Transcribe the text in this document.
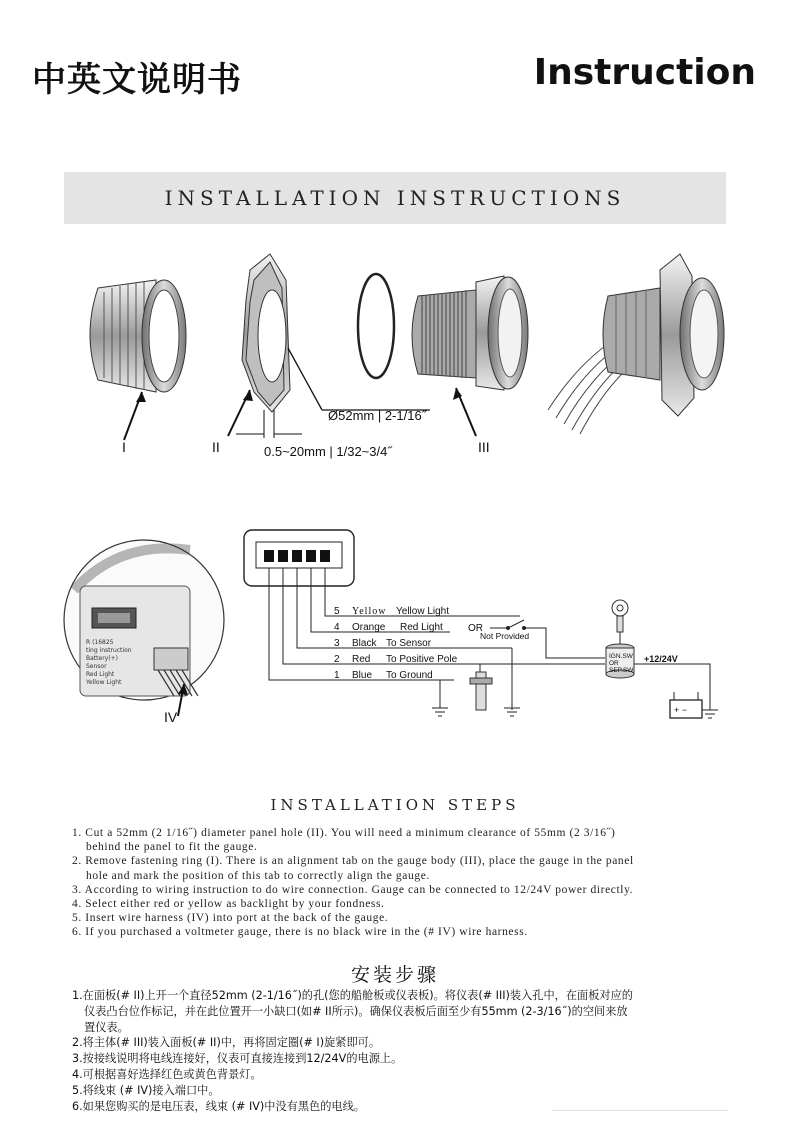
中英文说明书	Instruction
INSTALLATION INSTRUCTIONS
I	II	III
Ø52mm | 2-1/16˝
0.5~20mm | 1/32~3/4˝
R (16825
ting instruction
Battery(+)
Sensor
Red Light
Yellow Light
IV
IGN.SW
OR
SEP.SW
+ −
5 Yellow Yellow Light
4 Orange Red Light
3 Black To Sensor
2 Red To Positive Pole
1 Blue To Ground
OR
Not Provided
+12/24V
INSTALLATION STEPS

1. Cut a 52mm (2 1/16˝) diameter panel hole (II). You will need a minimum clearance of 55mm (2 3/16˝)

behind the panel to fit the gauge.

2. Remove fastening ring (I). There is an alignment tab on the gauge body (III), place the gauge in the panel

hole and mark the position of this tab to correctly align the gauge.

3. According to wiring instruction to do wire connection. Gauge can be connected to 12/24V power directly.

4. Select either red or yellow as backlight by your fondness.

5. Insert wire harness (IV) into port at the back of the gauge.

6. If you purchased a voltmeter gauge, there is no black wire in the (# IV) wire harness.

安装步骤

1.在面板(# II)上开一个直径52mm (2-1/16˝)的孔(您的船舱板或仪表板)。将仪表(# III)装入孔中，在面板对应的

仪表凸台位作标记，并在此位置开一小缺口(如# II所示)。确保仪表板后面至少有55mm (2-3/16˝)的空间来放

置仪表。

2.将主体(# III)装入面板(# II)中，再将固定圈(# I)旋紧即可。

3.按接线说明将电线连接好，仪表可直接连接到12/24V的电源上。

4.可根据喜好选择红色或黄色背景灯。

5.将线束 (# IV)接入端口中。

6.如果您购买的是电压表，线束 (# IV)中没有黑色的电线。
